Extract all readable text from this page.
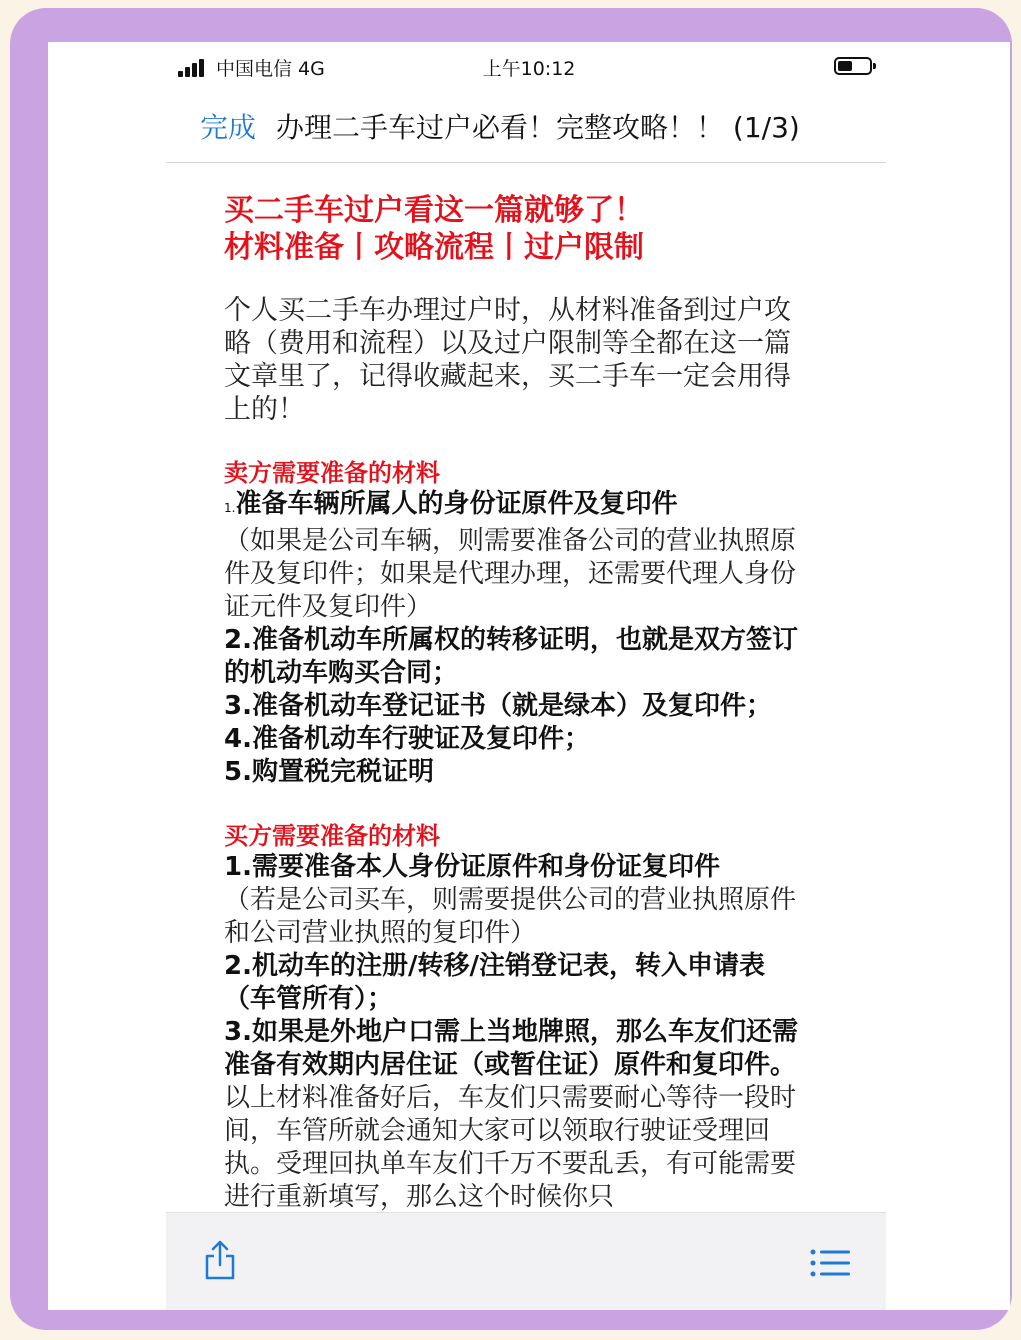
中国电信 4G	上午10:12
完成 办理二手车过户必看！完整攻略！！ (1/3)

买二手车过户看这一篇就够了！

材料准备丨攻略流程丨过户限制

个人买二手车办理过户时，从材料准备到过户攻略（费用和流程）以及过户限制等全都在这一篇文章里了，记得收藏起来，买二手车一定会用得上的！

卖方需要准备的材料

1.准备车辆所属人的身份证原件及复印件

（如果是公司车辆，则需要准备公司的营业执照原件及复印件；如果是代理办理，还需要代理人身份证元件及复印件）

2.准备机动车所属权的转移证明，也就是双方签订的机动车购买合同；

3.准备机动车登记证书（就是绿本）及复印件；

4.准备机动车行驶证及复印件；

5.购置税完税证明

买方需要准备的材料

1.需要准备本人身份证原件和身份证复印件

（若是公司买车，则需要提供公司的营业执照原件和公司营业执照的复印件）

2.机动车的注册/转移/注销登记表，转入申请表（车管所有）；

3.如果是外地户口需上当地牌照，那么车友们还需准备有效期内居住证（或暂住证）原件和复印件。

以上材料准备好后，车友们只需要耐心等待一段时间，车管所就会通知大家可以领取行驶证受理回执。受理回执单车友们千万不要乱丢，有可能需要进行重新填写，那么这个时候你只
